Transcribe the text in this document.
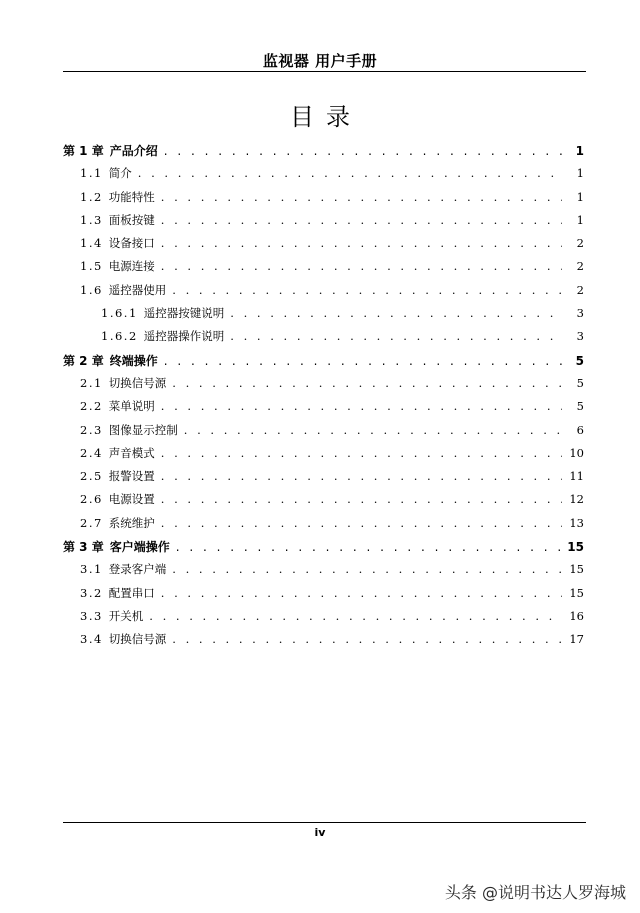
监视器 用户手册
目录
第 1 章 产品介绍 . . .	1
1.1 简介 . . .	1
1.2 功能特性 . . .	1
1.3 面板按键 . . .	1
1.4 设备接口 . . .	2
1.5 电源连接 . . .	2
1.6 遥控器使用 . . .	2
1.6.1 遥控器按键说明 . . .	3
1.6.2 遥控器操作说明 . . .	3
第 2 章 终端操作 . . .	5
2.1 切换信号源 . . .	5
2.2 菜单说明 . . .	5
2.3 图像显示控制 . . .	6
2.4 声音模式 . . .	10
2.5 报警设置 . . .	11
2.6 电源设置 . . .	12
2.7 系统维护 . . .	13
第 3 章 客户端操作 . . .	15
3.1 登录客户端 . . .	15
3.2 配置串口 . . .	15
3.3 开关机 . . .	16
3.4 切换信号源 . . .	17
iv
头条 @说明书达人罗海城
